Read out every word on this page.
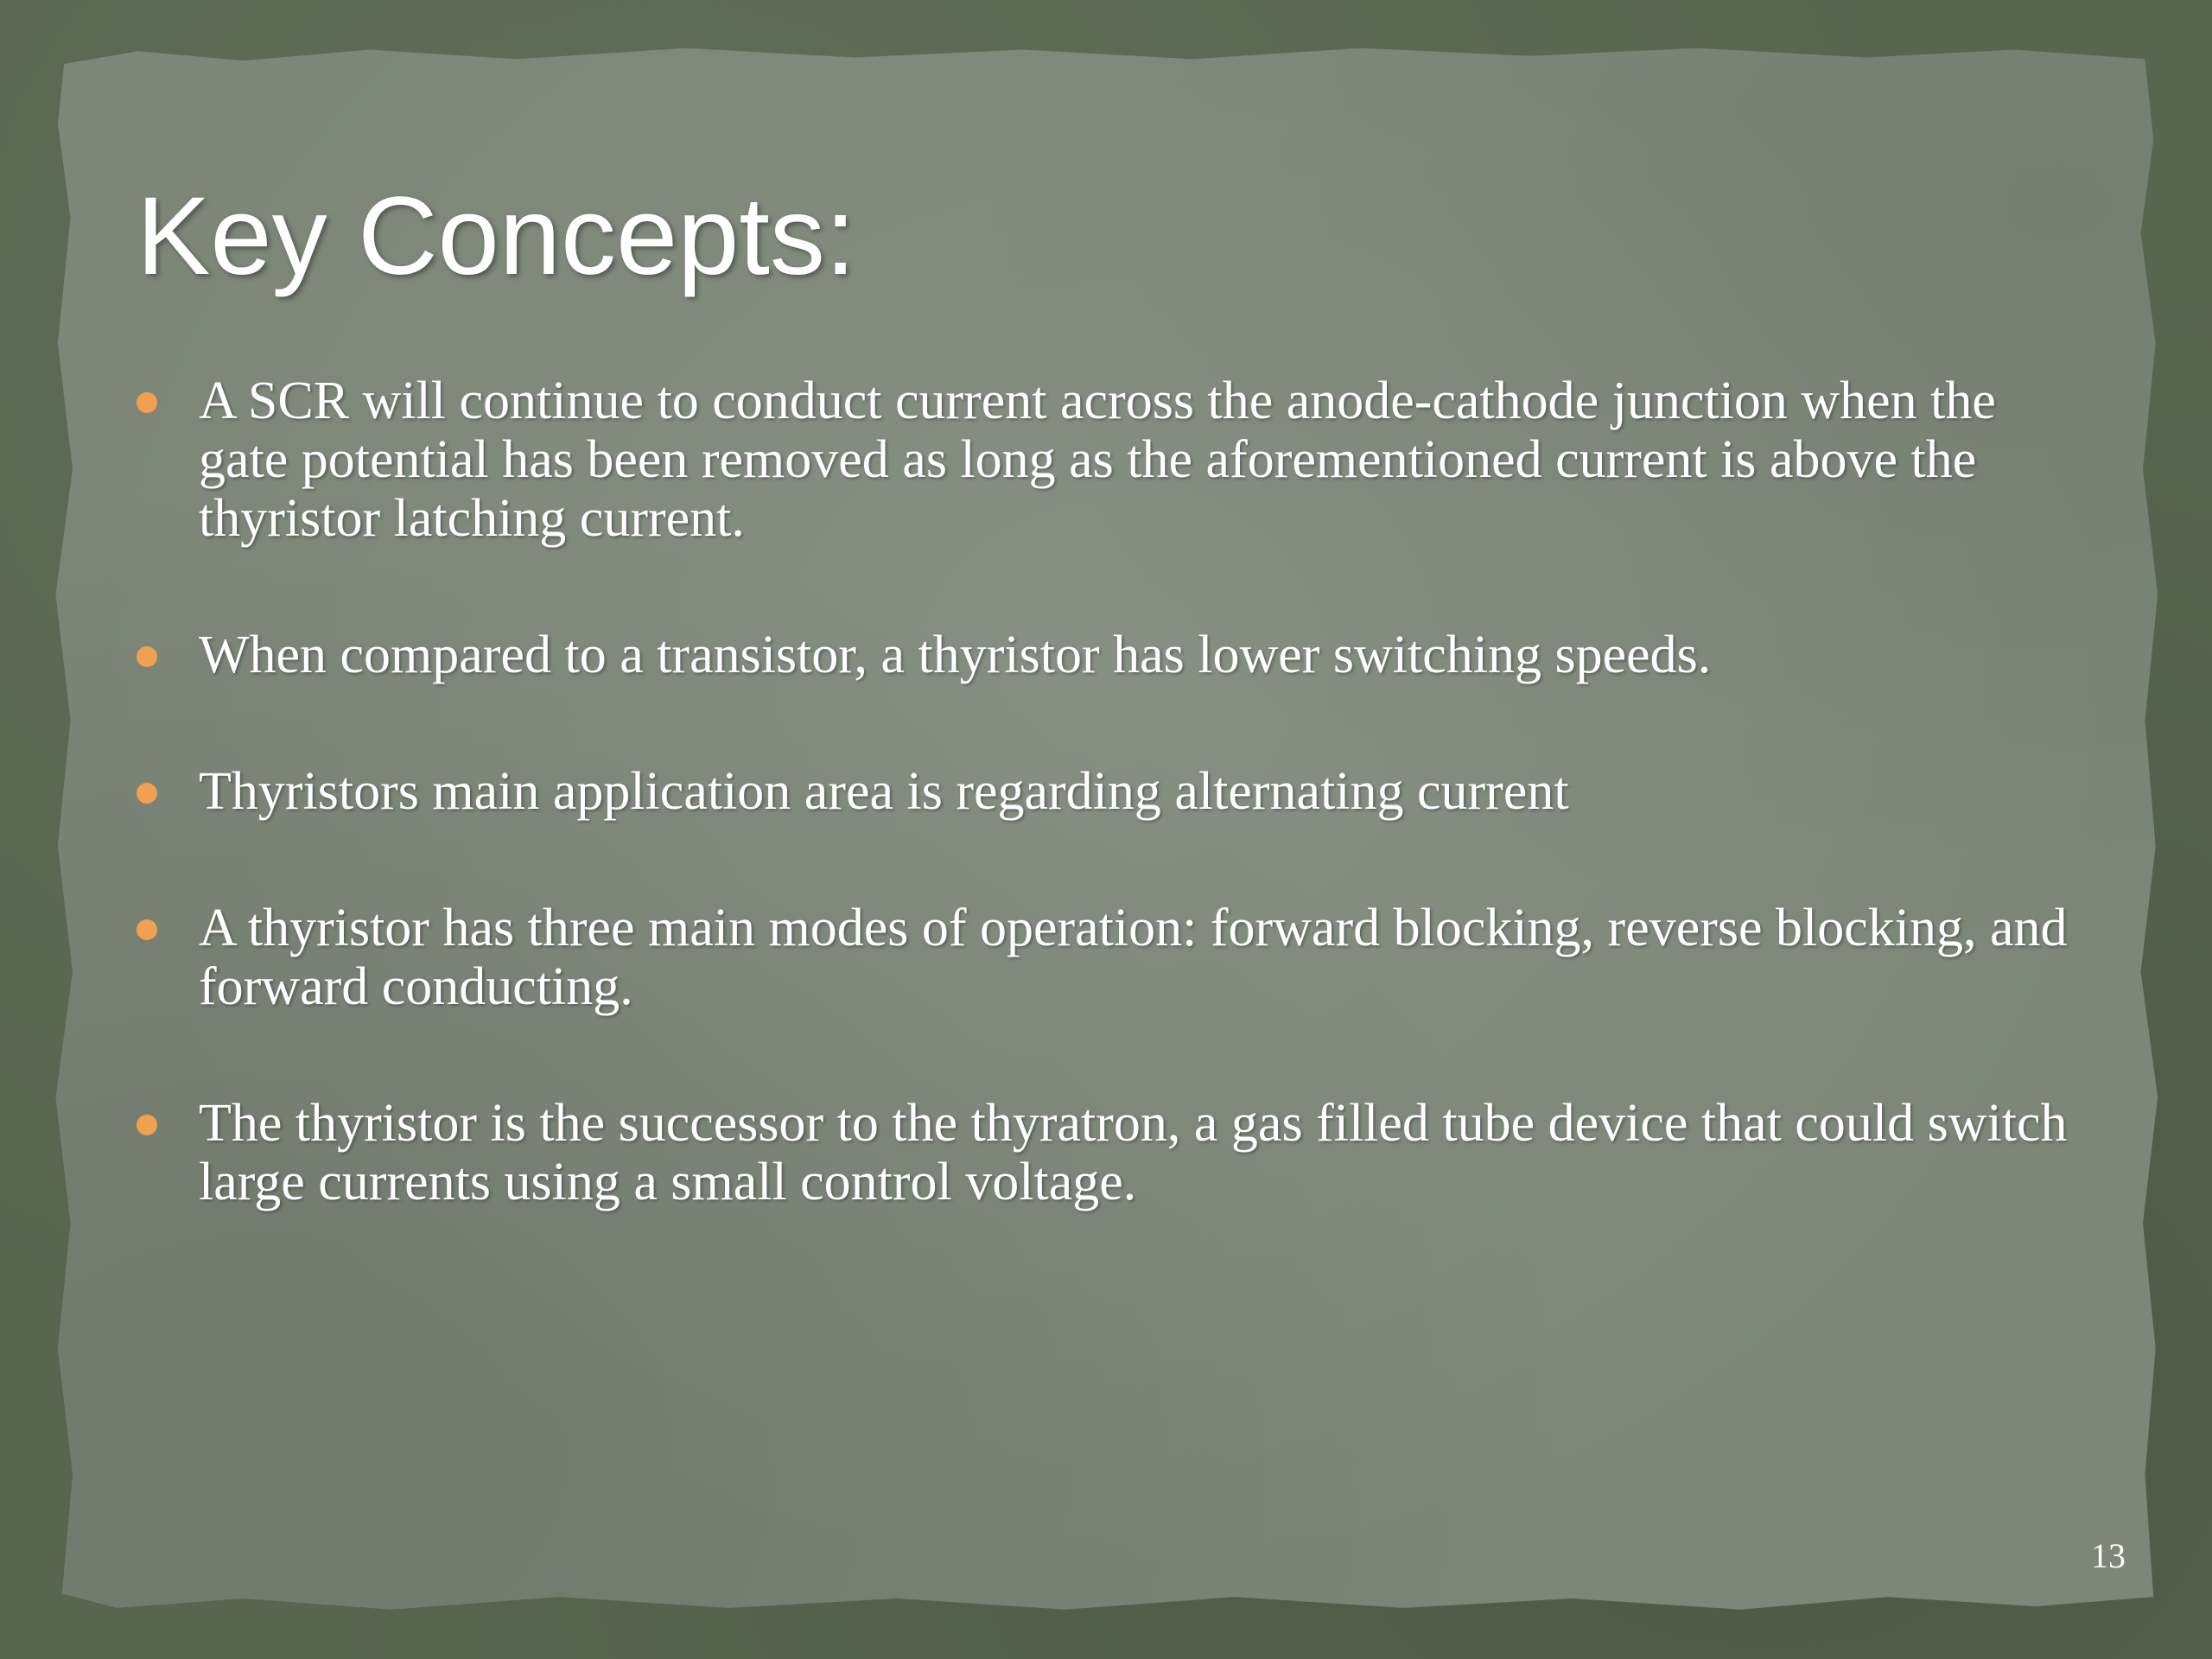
Key Concepts:
A SCR will continue to conduct current across the anode-cathode junction when the gate potential has been removed as long as the aforementioned current is above the thyristor latching current.
When compared to a transistor, a thyristor has lower switching speeds.
Thyristors main application area is regarding alternating current
A thyristor has three main modes of operation: forward blocking, reverse blocking, and forward conducting.
The thyristor is the successor to the thyratron, a gas filled tube device that could switch large currents using a small control voltage.
13
